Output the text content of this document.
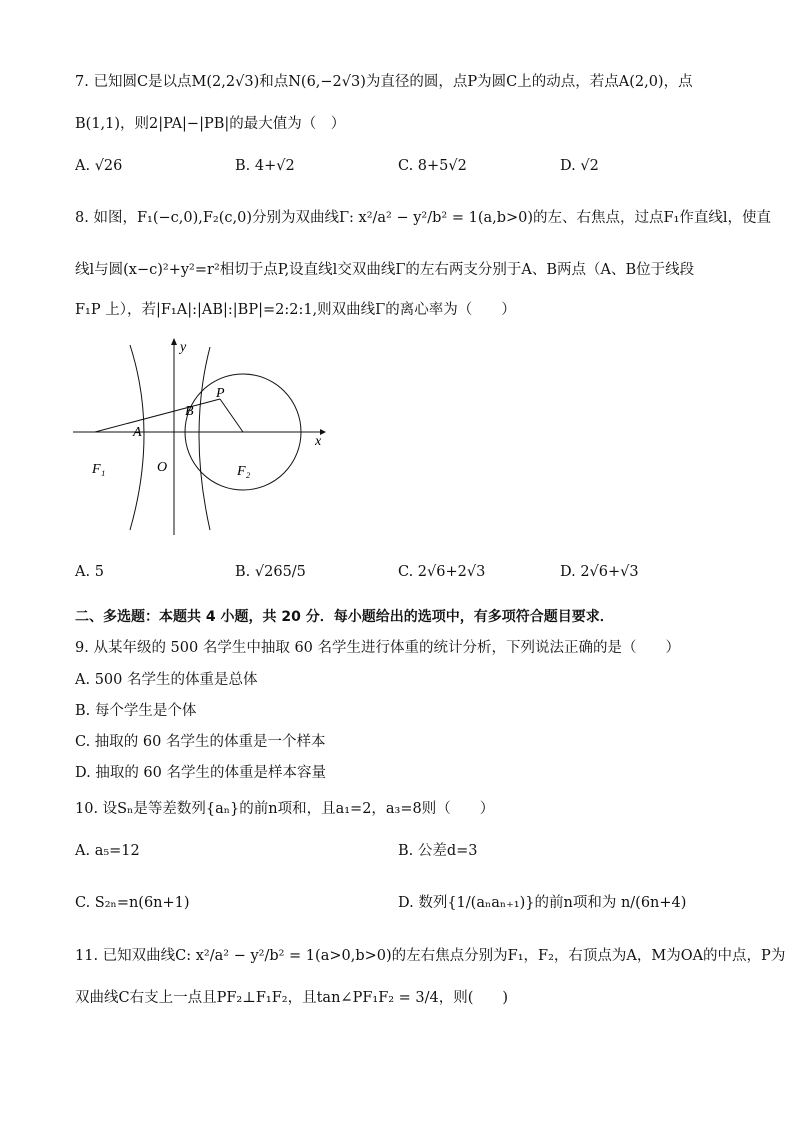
7. 已知圆C是以点M(2,2√3)和点N(6,−2√3)为直径的圆，点P为圆C上的动点，若点A(2,0)，点
B(1,1)，则2|PA|−|PB|的最大值为（　）
A. √26	B. 4+√2	C. 8+5√2	D. √2
8. 如图，F₁(−c,0),F₂(c,0)分别为双曲线Γ: x²/a² − y²/b² = 1(a,b>0)的左、右焦点，过点F₁作直线l，使直
线l与圆(x−c)²+y²=r²相切于点P,设直线l交双曲线Γ的左右两支分别于A、B两点（A、B位于线段
F₁P 上），若|F₁A|:|AB|:|BP|=2:2:1,则双曲线Γ的离心率为（　　）
y
x
P
B
A
F₁	O	F₂
A. 5	B. √265/5	C. 2√6+2√3	D. 2√6+√3
二、多选题：本题共 4 小题，共 20 分．每小题给出的选项中，有多项符合题目要求．
9. 从某年级的 500 名学生中抽取 60 名学生进行体重的统计分析，下列说法正确的是（　　）
A. 500 名学生的体重是总体
B. 每个学生是个体
C. 抽取的 60 名学生的体重是一个样本
D. 抽取的 60 名学生的体重是样本容量
10. 设Sₙ是等差数列{aₙ}的前n项和，且a₁=2，a₃=8则（　　）
A. a₅=12	B. 公差d=3
C. S₂ₙ=n(6n+1)	D. 数列{1/(aₙaₙ₊₁)}的前n项和为 n/(6n+4)
11. 已知双曲线C: x²/a² − y²/b² = 1(a>0,b>0)的左右焦点分别为F₁，F₂，右顶点为A，M为OA的中点，P为
双曲线C右支上一点且PF₂⊥F₁F₂，且tan∠PF₁F₂ = 3/4，则(　　)
